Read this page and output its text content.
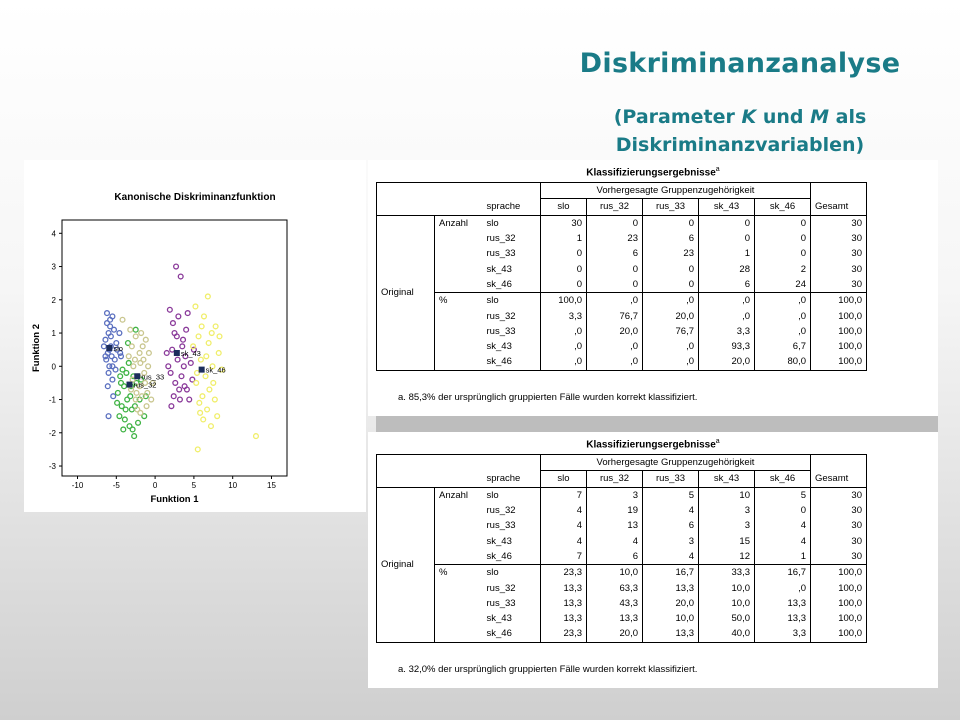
Diskriminanzanalyse
(Parameter K und M als Diskriminanzvariablen)
Kanonische Diskriminanzfunktion
-10	-5	0	5	10	15
-3
-2
-1
0
1
2
3
4
Funktion 1
Funktion 2	slo
rus_33
rus_32
sk_43
sk_46
Klassifizierungsergebnisse$^a$
			Vorhergesagte Gruppenzugehörigkeit					
		sprache	slo	rus_32	rus_33	sk_43	sk_46	Gesamt
Original	Anzahl	slo	30	0	0	0	0	30
		rus_32	1	23	6	0	0	30
		rus_33	0	6	23	1	0	30
		sk_43	0	0	0	28	2	30
		sk_46	0	0	0	6	24	30
	%	slo	100,0	,0	,0	,0	,0	100,0
		rus_32	3,3	76,7	20,0	,0	,0	100,0
		rus_33	,0	20,0	76,7	3,3	,0	100,0
		sk_43	,0	,0	,0	93,3	6,7	100,0
		sk_46	,0	,0	,0	20,0	80,0	100,0
a. 85,3% der ursprünglich gruppierten Fälle wurden korrekt klassifiziert.
Klassifizierungsergebnisse$^a$
			Vorhergesagte Gruppenzugehörigkeit					
		sprache	slo	rus_32	rus_33	sk_43	sk_46	Gesamt
Original	Anzahl	slo	7	3	5	10	5	30
		rus_32	4	19	4	3	0	30
		rus_33	4	13	6	3	4	30
		sk_43	4	4	3	15	4	30
		sk_46	7	6	4	12	1	30
	%	slo	23,3	10,0	16,7	33,3	16,7	100,0
		rus_32	13,3	63,3	13,3	10,0	,0	100,0
		rus_33	13,3	43,3	20,0	10,0	13,3	100,0
		sk_43	13,3	13,3	10,0	50,0	13,3	100,0
		sk_46	23,3	20,0	13,3	40,0	3,3	100,0
a. 32,0% der ursprünglich gruppierten Fälle wurden korrekt klassifiziert.
